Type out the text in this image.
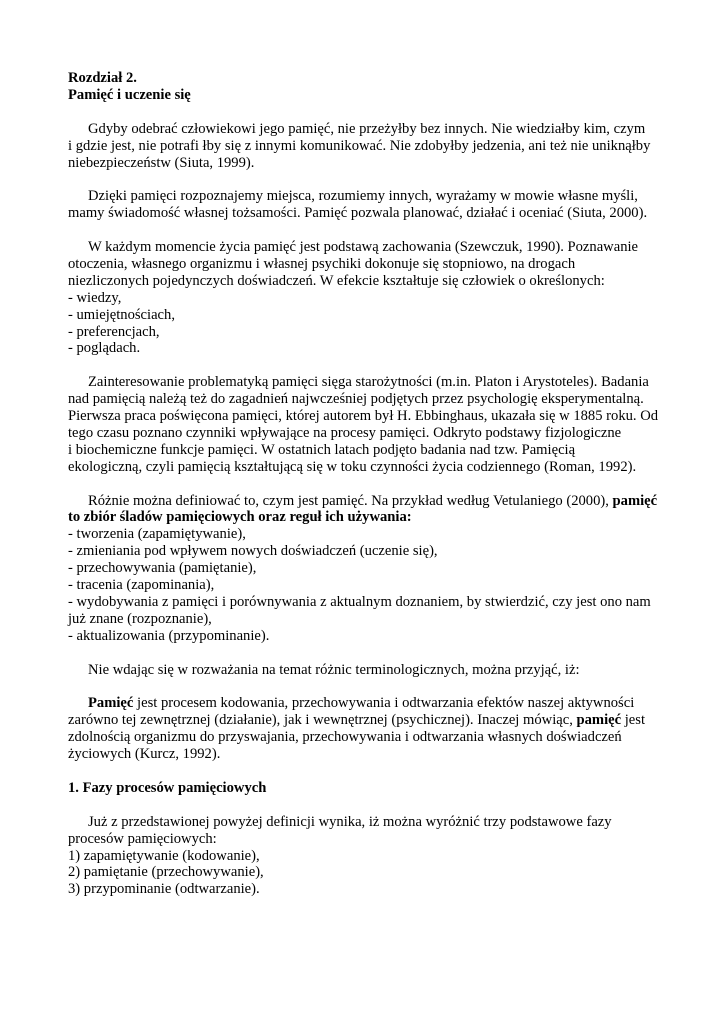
Rozdział 2.
Pamięć i uczenie się
Gdyby odebrać człowiekowi jego pamięć, nie przeżyłby bez innych. Nie wiedziałby kim, czym
i gdzie jest, nie potrafi łby się z innymi komunikować. Nie zdobyłby jedzenia, ani też nie uniknąłby
niebezpieczeństw (Siuta, 1999).
Dzięki pamięci rozpoznajemy miejsca, rozumiemy innych, wyrażamy w mowie własne myśli,
mamy świadomość własnej tożsamości. Pamięć pozwala planować, działać i oceniać (Siuta, 2000).
W każdym momencie życia pamięć jest podstawą zachowania (Szewczuk, 1990). Poznawanie
otoczenia, własnego organizmu i własnej psychiki dokonuje się stopniowo, na drogach
niezliczonych pojedynczych doświadczeń. W efekcie kształtuje się człowiek o określonych:
- wiedzy,
- umiejętnościach,
- preferencjach,
- poglądach.
Zainteresowanie problematyką pamięci sięga starożytności (m.in. Platon i Arystoteles). Badania
nad pamięcią należą też do zagadnień najwcześniej podjętych przez psychologię eksperymentalną.
Pierwsza praca poświęcona pamięci, której autorem był H. Ebbinghaus, ukazała się w 1885 roku. Od
tego czasu poznano czynniki wpływające na procesy pamięci. Odkryto podstawy fizjologiczne
i biochemiczne funkcje pamięci. W ostatnich latach podjęto badania nad tzw. Pamięcią
ekologiczną, czyli pamięcią kształtującą się w toku czynności życia codziennego (Roman, 1992).
Różnie można definiować to, czym jest pamięć. Na przykład według Vetulaniego (2000), pamięć
to zbiór śladów pamięciowych oraz reguł ich używania:
- tworzenia (zapamiętywanie),
- zmieniania pod wpływem nowych doświadczeń (uczenie się),
- przechowywania (pamiętanie),
- tracenia (zapominania),
- wydobywania z pamięci i porównywania z aktualnym doznaniem, by stwierdzić, czy jest ono nam
już znane (rozpoznanie),
- aktualizowania (przypominanie).
Nie wdając się w rozważania na temat różnic terminologicznych, można przyjąć, iż:
Pamięć jest procesem kodowania, przechowywania i odtwarzania efektów naszej aktywności
zarówno tej zewnętrznej (działanie), jak i wewnętrznej (psychicznej). Inaczej mówiąc, pamięć jest
zdolnością organizmu do przyswajania, przechowywania i odtwarzania własnych doświadczeń
życiowych (Kurcz, 1992).
1. Fazy procesów pamięciowych
Już z przedstawionej powyżej definicji wynika, iż można wyróżnić trzy podstawowe fazy
procesów pamięciowych:
1) zapamiętywanie (kodowanie),
2) pamiętanie (przechowywanie),
3) przypominanie (odtwarzanie).
